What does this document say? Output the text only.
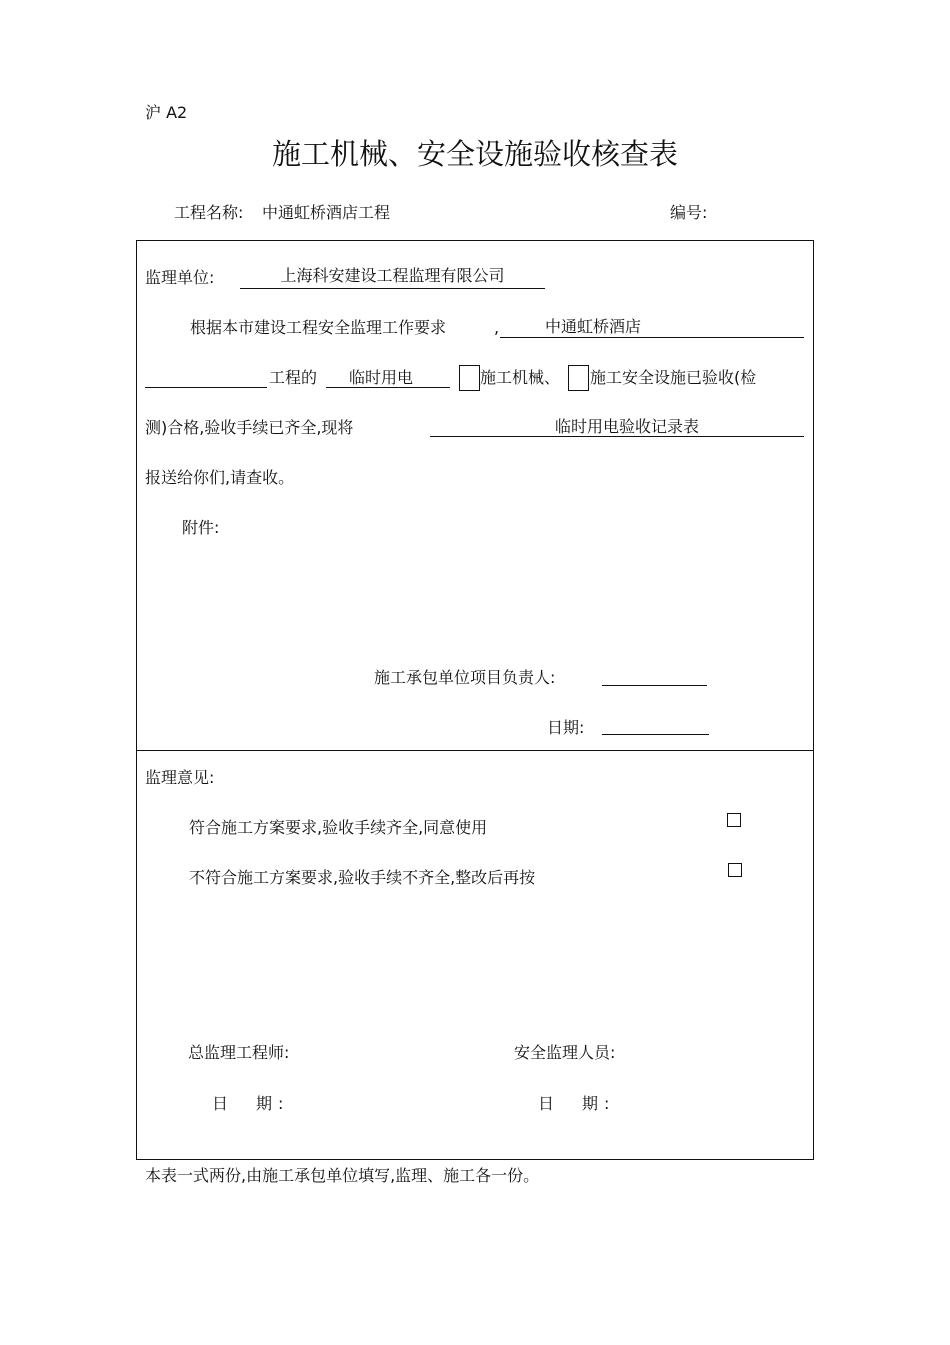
沪 A2
施工机械、安全设施验收核查表
工程名称: 中通虹桥酒店工程	编号:
监理单位:	上海科安建设工程监理有限公司
根据本市建设工程安全监理工作要求	,	中通虹桥酒店
工程的	临时用电	施工机械、 施工安全设施已验收(检
测)合格,验收手续已齐全,现将	临时用电验收记录表
报送给你们,请查收。
附件:
施工承包单位项目负责人:
日期:
监理意见:
符合施工方案要求,验收手续齐全,同意使用
不符合施工方案要求,验收手续不齐全,整改后再按
总监理工程师:	安全监理人员:
日　期:	日　期:
本表一式两份,由施工承包单位填写,监理、施工各一份。
